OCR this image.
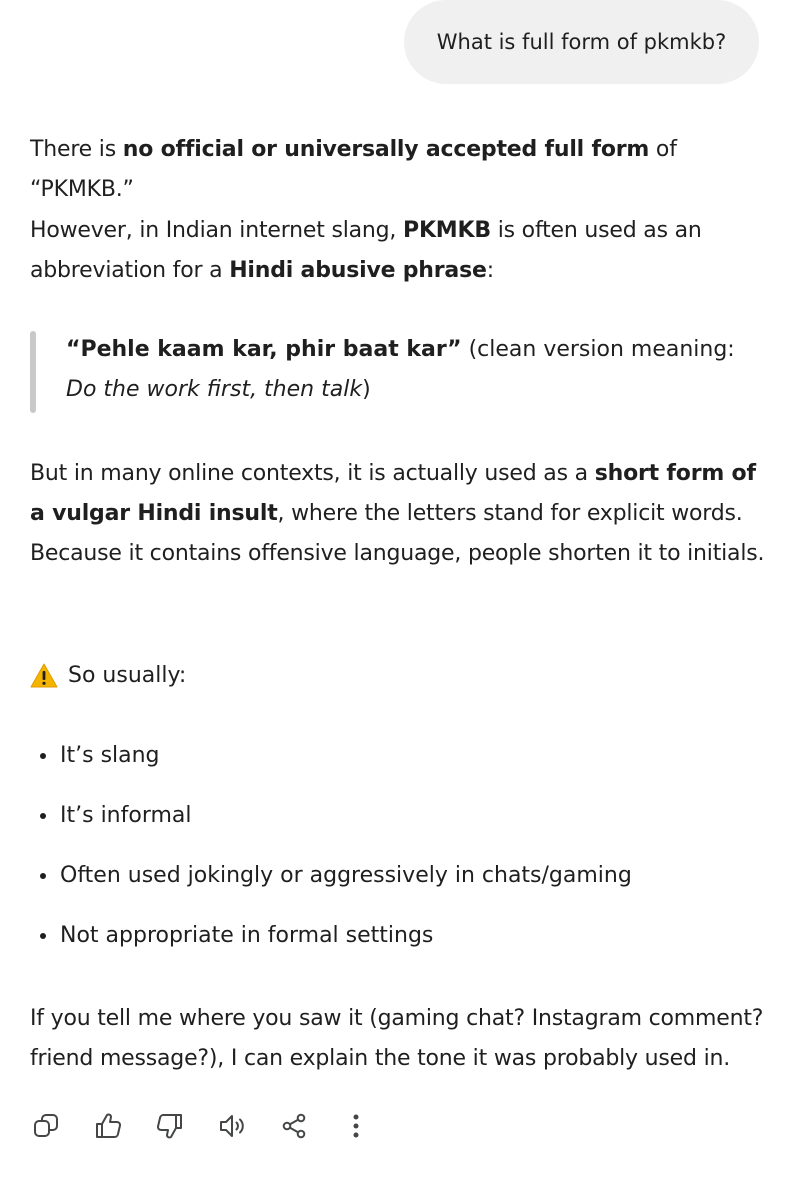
What is full form of pkmkb?

There is no official or universally accepted full form of “PKMKB.”

However, in Indian internet slang, PKMKB is often used as an abbreviation for a Hindi abusive phrase:

“Pehle kaam kar, phir baat kar” (clean version meaning: Do the work first, then talk)

But in many online contexts, it is actually used as a short form of a vulgar Hindi insult, where the letters stand for explicit words. Because it contains offensive language, people shorten it to initials.

So usually:
It’s slang
It’s informal
Often used jokingly or aggressively in chats/gaming
Not appropriate in formal settings

If you tell me where you saw it (gaming chat? Instagram comment? friend message?), I can explain the tone it was probably used in.
